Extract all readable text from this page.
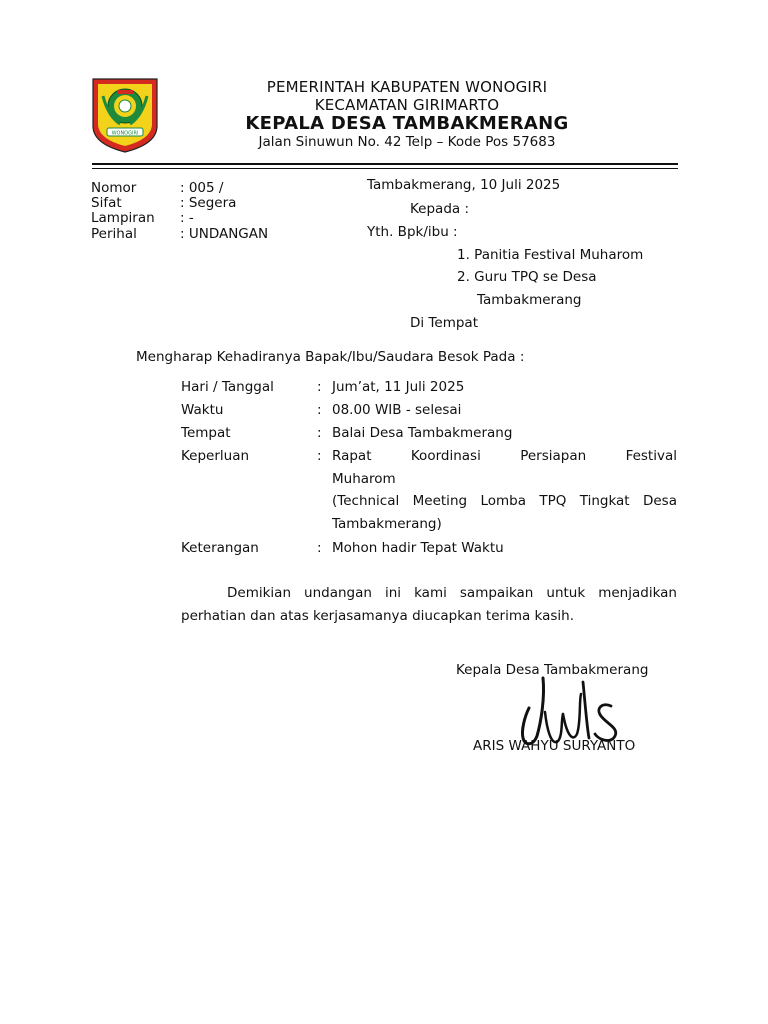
WONOGIRI
PEMERINTAH KABUPATEN WONOGIRI
KECAMATAN GIRIMARTO
KEPALA DESA TAMBAKMERANG
Jalan Sinuwun No. 42 Telp – Kode Pos 57683
Nomor	: 005 /
Sifat	: Segera
Lampiran : -
Perihal	: UNDANGAN
Tambakmerang, 10 Juli 2025
Kepada :
Yth. Bpk/ibu :
1. Panitia Festival Muharom
2. Guru TPQ se Desa
Tambakmerang
Di Tempat
Mengharap Kehadiranya Bapak/Ibu/Saudara Besok Pada :
Hari / Tanggal	: Jum’at, 11 Juli 2025
Waktu	: 08.00 WIB - selesai
Tempat	: Balai Desa Tambakmerang
Keperluan	: Rapat Koordinasi Persiapan Festival
Muharom
(Technical Meeting Lomba TPQ Tingkat Desa
Tambakmerang)
Keterangan	: Mohon hadir Tepat Waktu
Demikian undangan ini kami sampaikan untuk menjadikan
perhatian dan atas kerjasamanya diucapkan terima kasih.
Kepala Desa Tambakmerang
ARIS WAHYU SURYANTO
